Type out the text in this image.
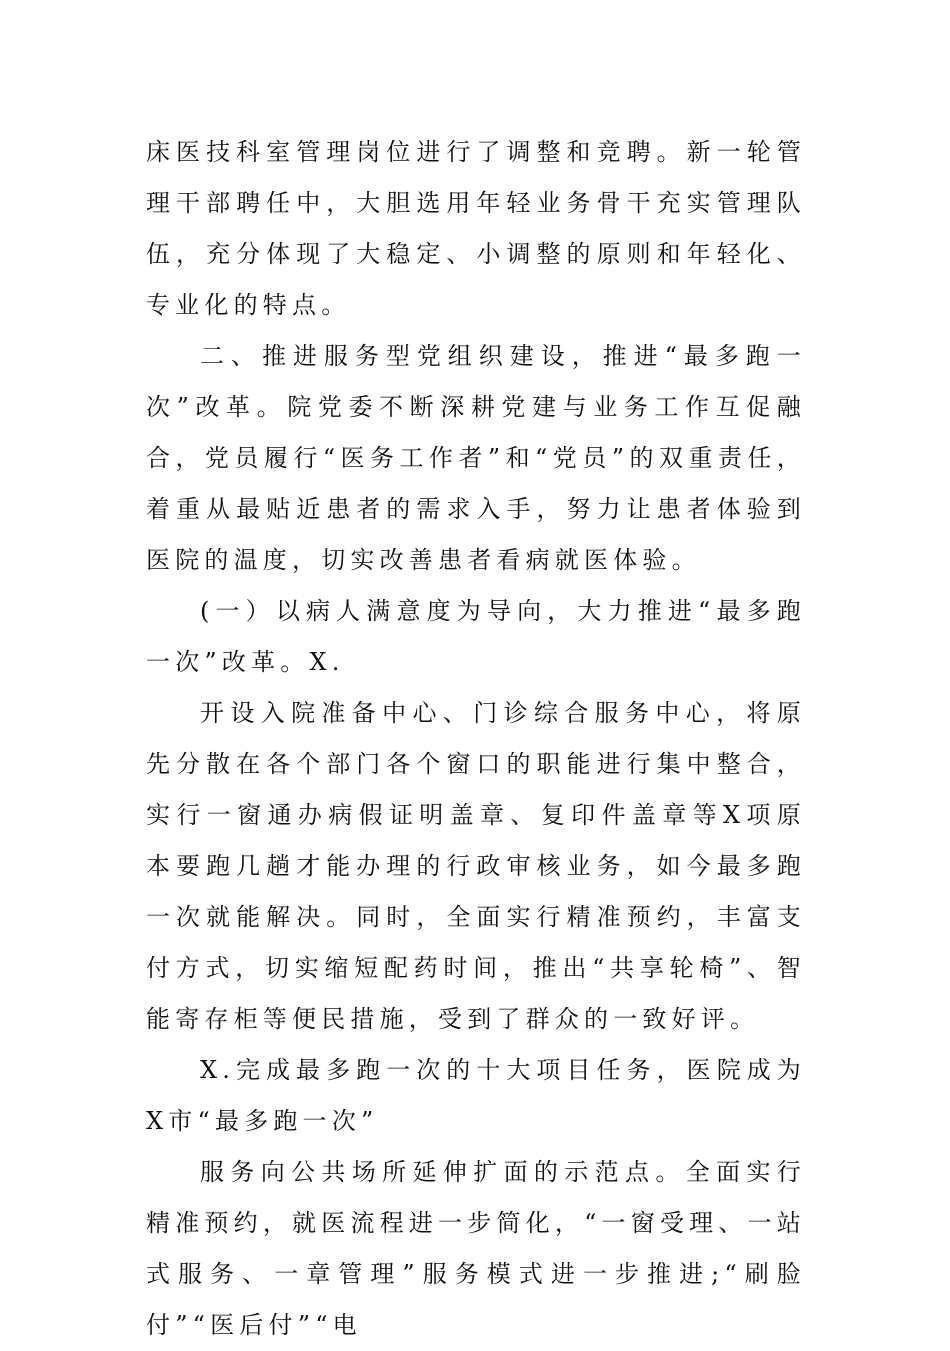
床医技科室管理岗位进行了调整和竞聘。新一轮管理干部聘任中，大胆选用年轻业务骨干充实管理队伍，充分体现了大稳定、小调整的原则和年轻化、专业化的特点。

二、推进服务型党组织建设，推进“最多跑一次”改革。院党委不断深耕党建与业务工作互促融合，党员履行“医务工作者”和“党员”的双重责任，着重从最贴近患者的需求入手，努力让患者体验到医院的温度，切实改善患者看病就医体验。

(一）以病人满意度为导向，大力推进“最多跑一次”改革。X.

开设入院准备中心、门诊综合服务中心，将原先分散在各个部门各个窗口的职能进行集中整合，实行一窗通办病假证明盖章、复印件盖章等X项原本要跑几趟才能办理的行政审核业务，如今最多跑一次就能解决。同时，全面实行精准预约，丰富支付方式，切实缩短配药时间，推出“共享轮椅”、智能寄存柜等便民措施，受到了群众的一致好评。

X.完成最多跑一次的十大项目任务，医院成为X市“最多跑一次”

服务向公共场所延伸扩面的示范点。全面实行精准预约，就医流程进一步简化，“一窗受理、一站式服务、一章管理”服务模式进一步推进;“刷脸付”“医后付”“电
